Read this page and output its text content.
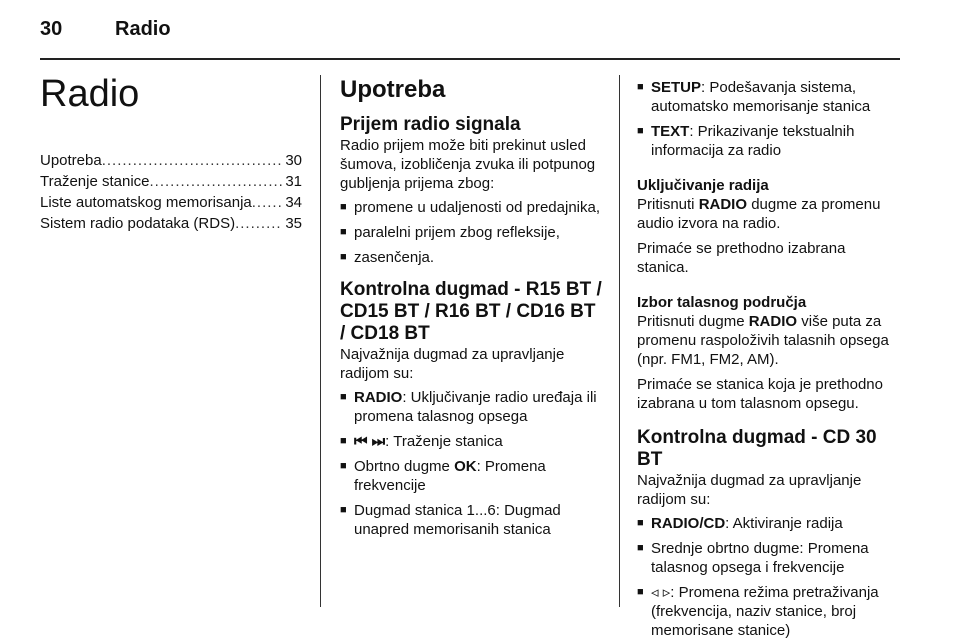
30	Radio
Radio
Upotreba .....	30
Traženje stanice .....	31
Liste automatskog memorisanja ..... 34
Sistem radio podataka (RDS) .....	35
Upotreba
Prijem radio signala

Radio prijem može biti prekinut usled šumova, izobličenja zvuka ili potpunog gubljenja prijema zbog:

■ promene u udaljenosti od predajnika,
■ paralelni prijem zbog refleksije,
■ zasenčenja.
Kontrolna dugmad - R15 BT / CD15 BT / R16 BT / CD16 BT / CD18 BT

Najvažnija dugmad za upravljanje radijom su:

■ RADIO: Uključivanje radio uređaja ili promena talasnog opsega
■ ⏮ ⏭: Traženje stanica
■ Obrtno dugme OK: Promena frekvencije
■ Dugmad stanica 1...6: Dugmad unapred memorisanih stanica
■ SETUP: Podešavanja sistema, automatsko memorisanje stanica
■ TEXT: Prikazivanje tekstualnih informacija za radio
Uključivanje radija

Pritisnuti RADIO dugme za promenu audio izvora na radio.

Primaće se prethodno izabrana stanica.

Izbor talasnog područja

Pritisnuti dugme RADIO više puta za promenu raspoloživih talasnih opsega (npr. FM1, FM2, AM).

Primaće se stanica koja je prethodno izabrana u tom talasnom opsegu.

Kontrolna dugmad - CD 30 BT

Najvažnija dugmad za upravljanje radijom su:

■ RADIO/CD: Aktiviranje radija
■ Srednje obrtno dugme: Promena talasnog opsega i frekvencije
■ ◃ ▹: Promena režima pretraživanja (frekvencija, naziv stanice, broj memorisane stanice)
